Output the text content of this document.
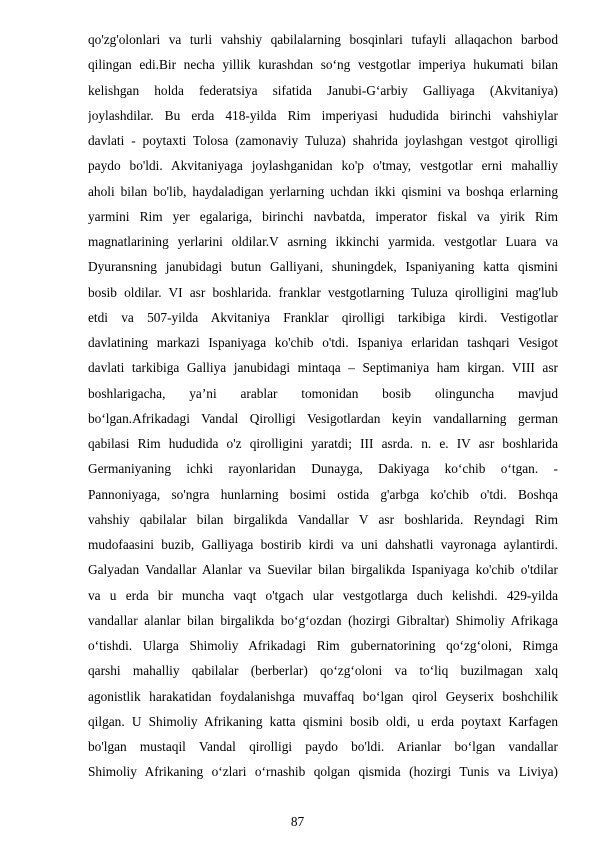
qo'zg'olonlari va turli vahshiy qabilalarning bosqinlari tufayli allaqachon barbod
qilingan edi.Bir necha yillik kurashdan soʻng vestgotlar imperiya hukumati bilan
kelishgan holda federatsiya sifatida Janubi-Gʻarbiy Galliyaga (Akvitaniya)
joylashdilar. Bu erda 418-yilda Rim imperiyasi hududida birinchi vahshiylar
davlati - poytaxti Tolosa (zamonaviy Tuluza) shahrida joylashgan vestgot qirolligi
paydo bo'ldi. Akvitaniyaga joylashganidan ko'p o'tmay, vestgotlar erni mahalliy
aholi bilan bo'lib, haydaladigan yerlarning uchdan ikki qismini va boshqa erlarning
yarmini Rim yer egalariga, birinchi navbatda, imperator fiskal va yirik Rim
magnatlarining yerlarini oldilar.V asrning ikkinchi yarmida. vestgotlar Luara va
Dyuransning janubidagi butun Galliyani, shuningdek, Ispaniyaning katta qismini
bosib oldilar. VI asr boshlarida. franklar vestgotlarning Tuluza qirolligini mag'lub
etdi va 507-yilda Akvitaniya Franklar qirolligi tarkibiga kirdi. Vestigotlar
davlatining markazi Ispaniyaga ko'chib o'tdi. Ispaniya erlaridan tashqari Vesigot
davlati tarkibiga Galliya janubidagi mintaqa – Septimaniya ham kirgan. VIII asr
boshlarigacha, yaʼni arablar tomonidan bosib olinguncha mavjud
boʻlgan.Afrikadagi Vandal Qirolligi Vesigotlardan keyin vandallarning german
qabilasi Rim hududida o'z qirolligini yaratdi; III asrda. n. e. IV asr boshlarida
Germaniyaning ichki rayonlaridan Dunayga, Dakiyaga koʻchib oʻtgan. -
Pannoniyaga, so'ngra hunlarning bosimi ostida g'arbga ko'chib o'tdi. Boshqa
vahshiy qabilalar bilan birgalikda Vandallar V asr boshlarida. Reyndagi Rim
mudofaasini buzib, Galliyaga bostirib kirdi va uni dahshatli vayronaga aylantirdi.
Galyadan Vandallar Alanlar va Suevilar bilan birgalikda Ispaniyaga ko'chib o'tdilar
va u erda bir muncha vaqt o'tgach ular vestgotlarga duch kelishdi. 429-yilda
vandallar alanlar bilan birgalikda boʻgʻozdan (hozirgi Gibraltar) Shimoliy Afrikaga
oʻtishdi. Ularga Shimoliy Afrikadagi Rim gubernatorining qoʻzgʻoloni, Rimga
qarshi mahalliy qabilalar (berberlar) qoʻzgʻoloni va toʻliq buzilmagan xalq
agonistlik harakatidan foydalanishga muvaffaq boʻlgan qirol Geyserix boshchilik
qilgan. U Shimoliy Afrikaning katta qismini bosib oldi, u erda poytaxt Karfagen
bo'lgan mustaqil Vandal qirolligi paydo bo'ldi. Arianlar boʻlgan vandallar
Shimoliy Afrikaning oʻzlari oʻrnashib qolgan qismida (hozirgi Tunis va Liviya)
87
